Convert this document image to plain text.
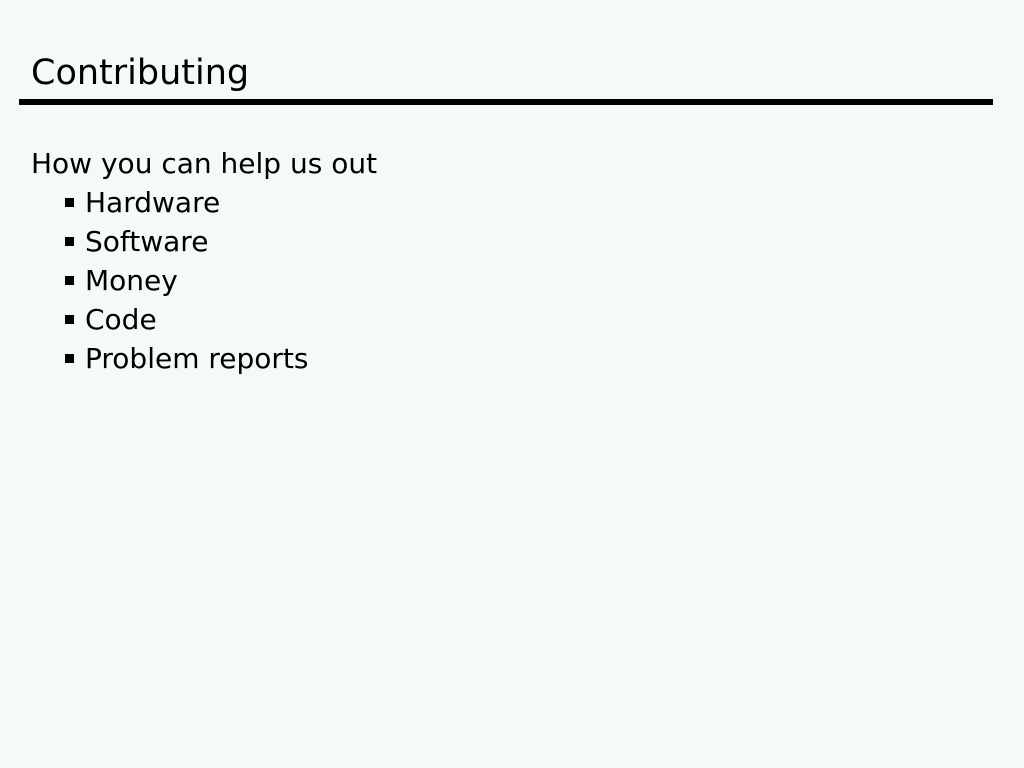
Contributing
How you can help us out
Hardware
Software
Money
Code
Problem reports
